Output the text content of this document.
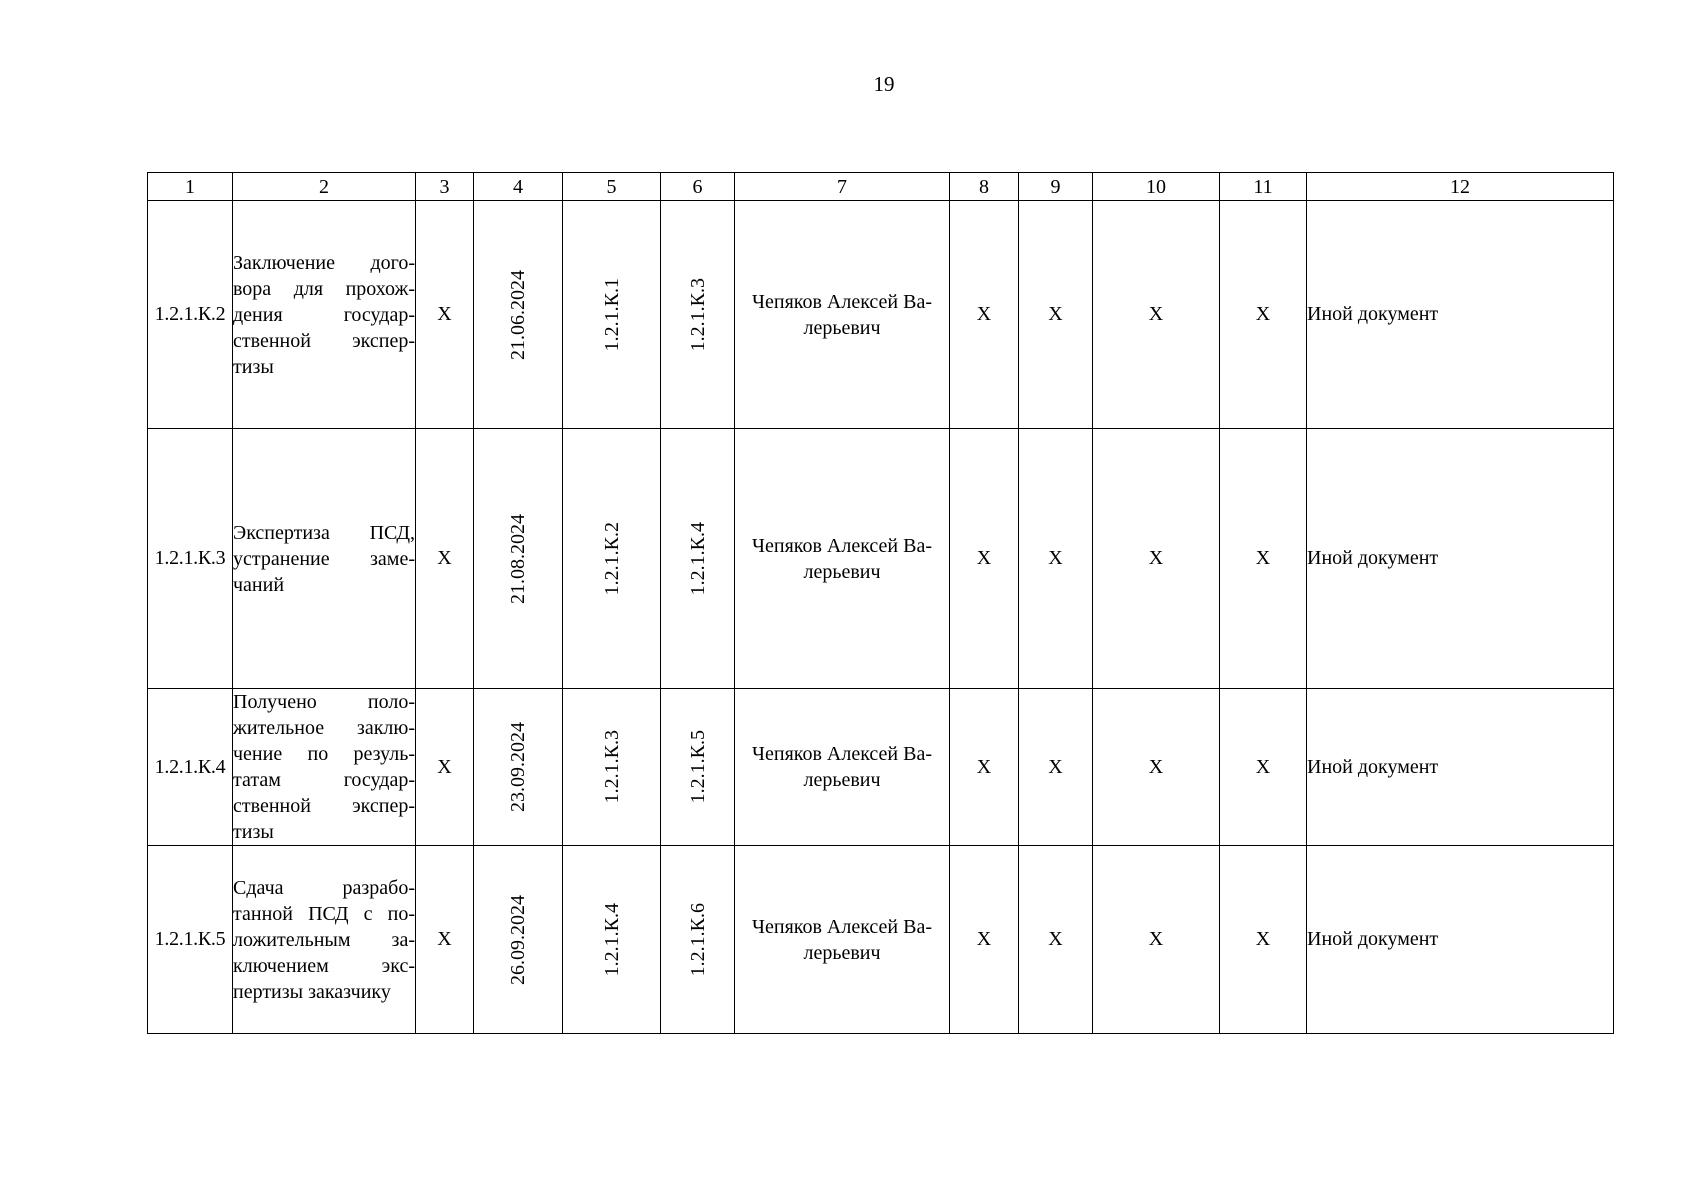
19
1	2	3	4	5	6	7	8	9	10	11	12
1.2.1.К.2	Заключение дого-вора для прохож-дения государ-ственной экспер-тизы	Х	21.06.2024	1.2.1.К.1	1.2.1.К.3	Чепяков Алексей Ва-лерьевич	Х	Х	Х	Х	Иной документ
1.2.1.К.3	Экспертиза ПСД, устранение заме-чаний	Х	21.08.2024	1.2.1.К.2	1.2.1.К.4	Чепяков Алексей Ва-лерьевич	Х	Х	Х	Х	Иной документ
1.2.1.К.4	Получено поло-жительное заклю-чение по резуль-татам государ-ственной экспер-тизы	Х	23.09.2024	1.2.1.К.3	1.2.1.К.5	Чепяков Алексей Ва-лерьевич	Х	Х	Х	Х	Иной документ
1.2.1.К.5	Сдача разрабо-танной ПСД с по-ложительным за-ключением экс-пертизы заказчику	Х	26.09.2024	1.2.1.К.4	1.2.1.К.6	Чепяков Алексей Ва-лерьевич	Х	Х	Х	Х	Иной документ
